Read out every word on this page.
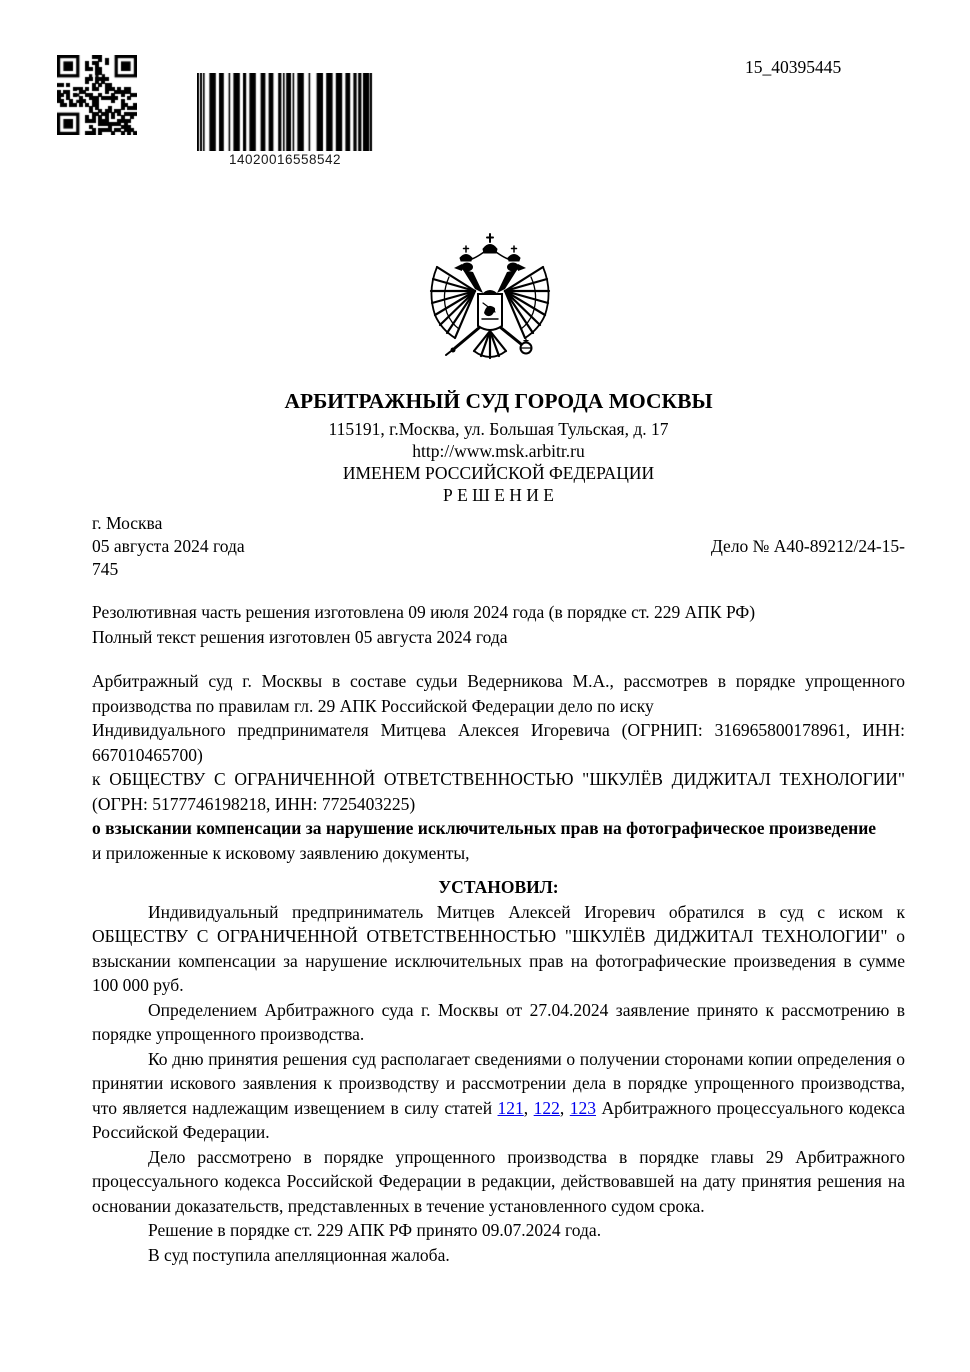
14020016558542
15_40395445
АРБИТРАЖНЫЙ СУД ГОРОДА МОСКВЫ
115191, г.Москва, ул. Большая Тульская, д. 17
http://www.msk.arbitr.ru
ИМЕНЕМ РОССИЙСКОЙ ФЕДЕРАЦИИ
Р Е Ш Е Н И Е
г. Москва
05 августа 2024 года	Дело № А40-89212/24-15-
745

Резолютивная часть решения изготовлена 09 июля 2024 года (в порядке ст. 229 АПК РФ)

Полный текст решения изготовлен 05 августа 2024 года

Арбитражный суд г. Москвы в составе судьи Ведерникова М.А., рассмотрев в порядке упрощенного производства по правилам гл. 29 АПК Российской Федерации дело по иску

Индивидуального предпринимателя Митцева Алексея Игоревича (ОГРНИП: 316965800178961, ИНН: 667010465700)

к ОБЩЕСТВУ С ОГРАНИЧЕННОЙ ОТВЕТСТВЕННОСТЬЮ "ШКУЛЁВ ДИДЖИТАЛ ТЕХНОЛОГИИ" (ОГРН: 5177746198218, ИНН: 7725403225)

о взыскании компенсации за нарушение исключительных прав на фотографическое произведение

и приложенные к исковому заявлению документы,

УСТАНОВИЛ:

Индивидуальный предприниматель Митцев Алексей Игоревич обратился в суд с иском к ОБЩЕСТВУ С ОГРАНИЧЕННОЙ ОТВЕТСТВЕННОСТЬЮ "ШКУЛЁВ ДИДЖИТАЛ ТЕХНОЛОГИИ" о взыскании компенсации за нарушение исключительных прав на фотографические произведения в сумме 100 000 руб.

Определением Арбитражного суда г. Москвы от 27.04.2024 заявление принято к рассмотрению в порядке упрощенного производства.

Ко дню принятия решения суд располагает сведениями о получении сторонами копии определения о принятии искового заявления к производству и рассмотрении дела в порядке упрощенного производства, что является надлежащим извещением в силу статей 121, 122, 123 Арбитражного процессуального кодекса Российской Федерации.

Дело рассмотрено в порядке упрощенного производства в порядке главы 29 Арбитражного процессуального кодекса Российской Федерации в редакции, действовавшей на дату принятия решения на основании доказательств, представленных в течение установленного судом срока.

Решение в порядке ст. 229 АПК РФ принято 09.07.2024 года.

В суд поступила апелляционная жалоба.
